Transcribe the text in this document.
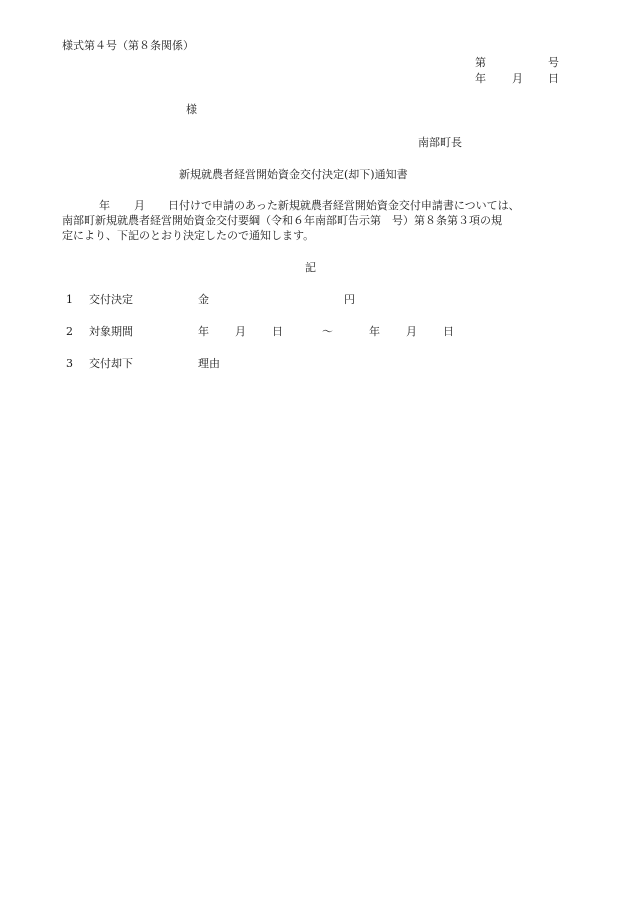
様式第４号（第８条関係）
第	号
年 月 日
様
南部町長
新規就農者経営開始資金交付決定(却下)通知書
年 月 日付けで申請のあった新規就農者経営開始資金交付申請書については、
南部町新規就農者経営開始資金交付要綱（令和６年南部町告示第　号）第８条第３項の規
定により、下記のとおり決定したので通知します。
記
1 交付決定	金	円
2 対象期間	年 月 日	～	年 月 日
3 交付却下	理由
